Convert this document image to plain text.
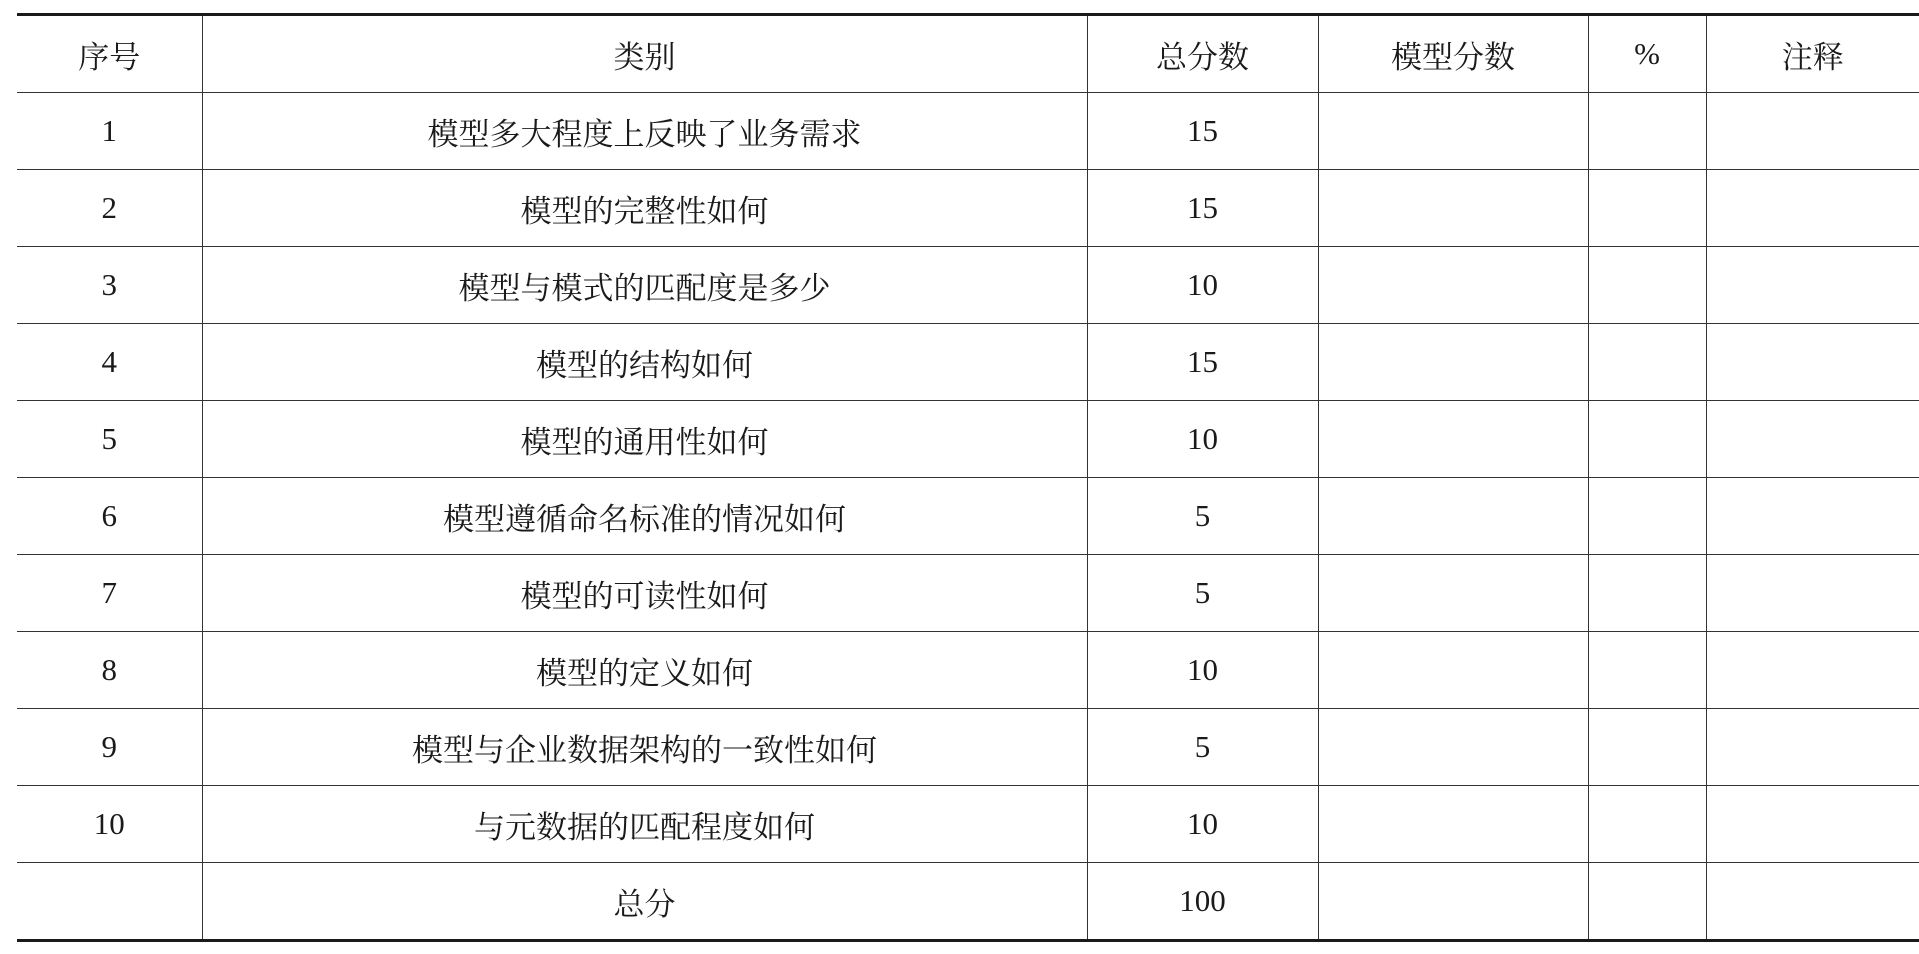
序号	类别	总分数	模型分数	%	注释
1	模型多大程度上反映了业务需求	15			
2	模型的完整性如何	15			
3	模型与模式的匹配度是多少	10			
4	模型的结构如何	15			
5	模型的通用性如何	10			
6	模型遵循命名标准的情况如何	5			
7	模型的可读性如何	5			
8	模型的定义如何	10			
9	模型与企业数据架构的一致性如何	5			
10	与元数据的匹配程度如何	10			
	总分	100			
